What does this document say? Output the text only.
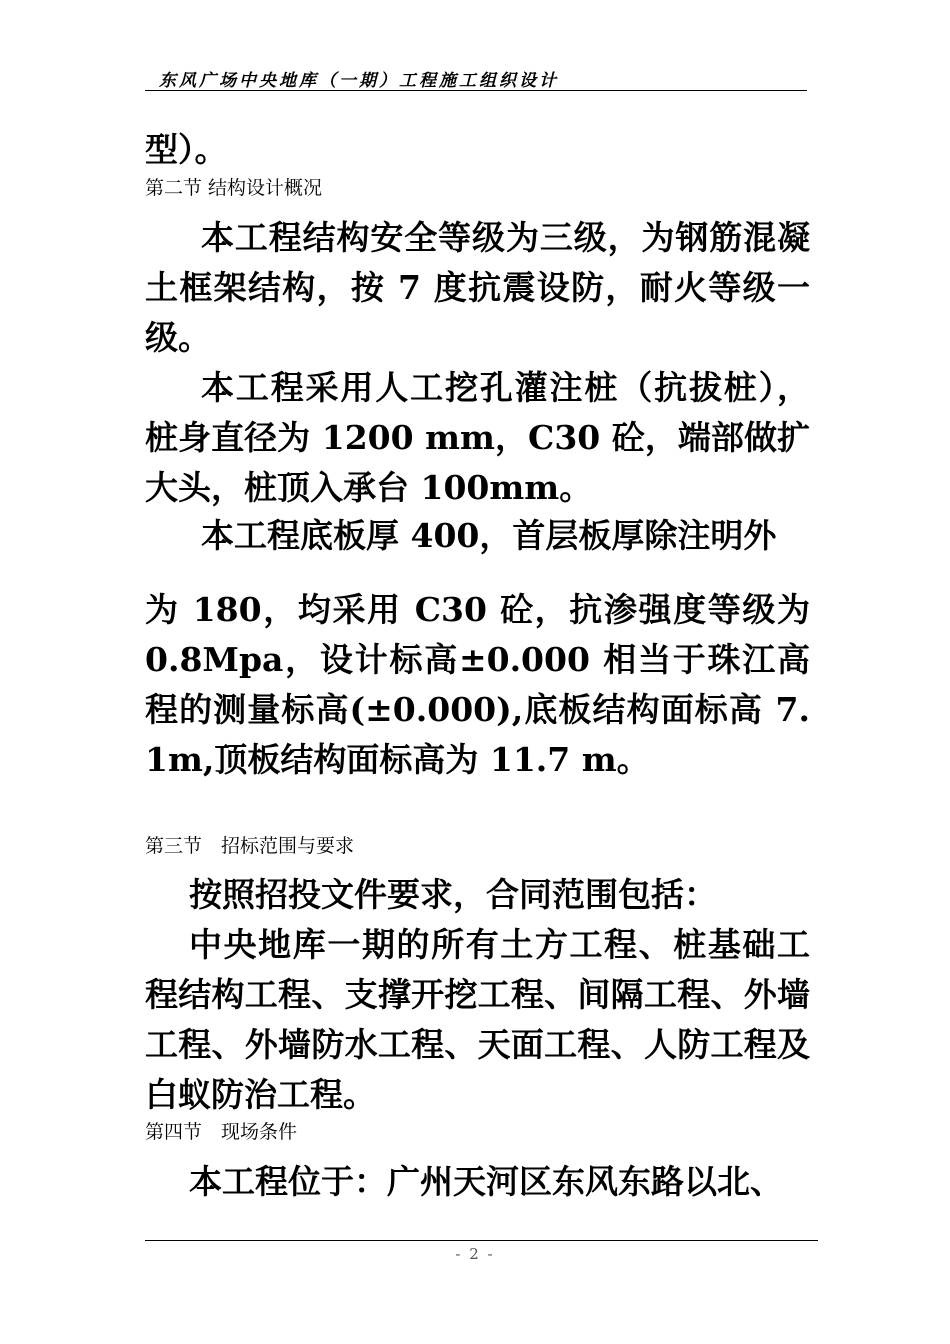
东风广场中央地库（一期）工程施工组织设计

型）。

第二节 结构设计概况

本工程结构安全等级为三级，为钢筋混凝土框架结构，按 7 度抗震设防，耐火等级一级。

本工程采用人工挖孔灌注桩（抗拔桩），桩身直径为 1200 mm，C30 砼，端部做扩大头，桩顶入承台 100mm。

本工程底板厚 400，首层板厚除注明外

为 180，均采用 C30 砼，抗渗强度等级为 0.8Mpa，设计标高±0.000 相当于珠江高程的测量标高(±0.000),底板结构面标高 7.1m,顶板结构面标高为 11.7 m。

第三节　招标范围与要求

按照招投文件要求，合同范围包括：

中央地库一期的所有土方工程、桩基础工程结构工程、支撑开挖工程、间隔工程、外墙工程、外墙防水工程、天面工程、人防工程及白蚁防治工程。

第四节　现场条件

本工程位于：广州天河区东风东路以北、

- 2 -
